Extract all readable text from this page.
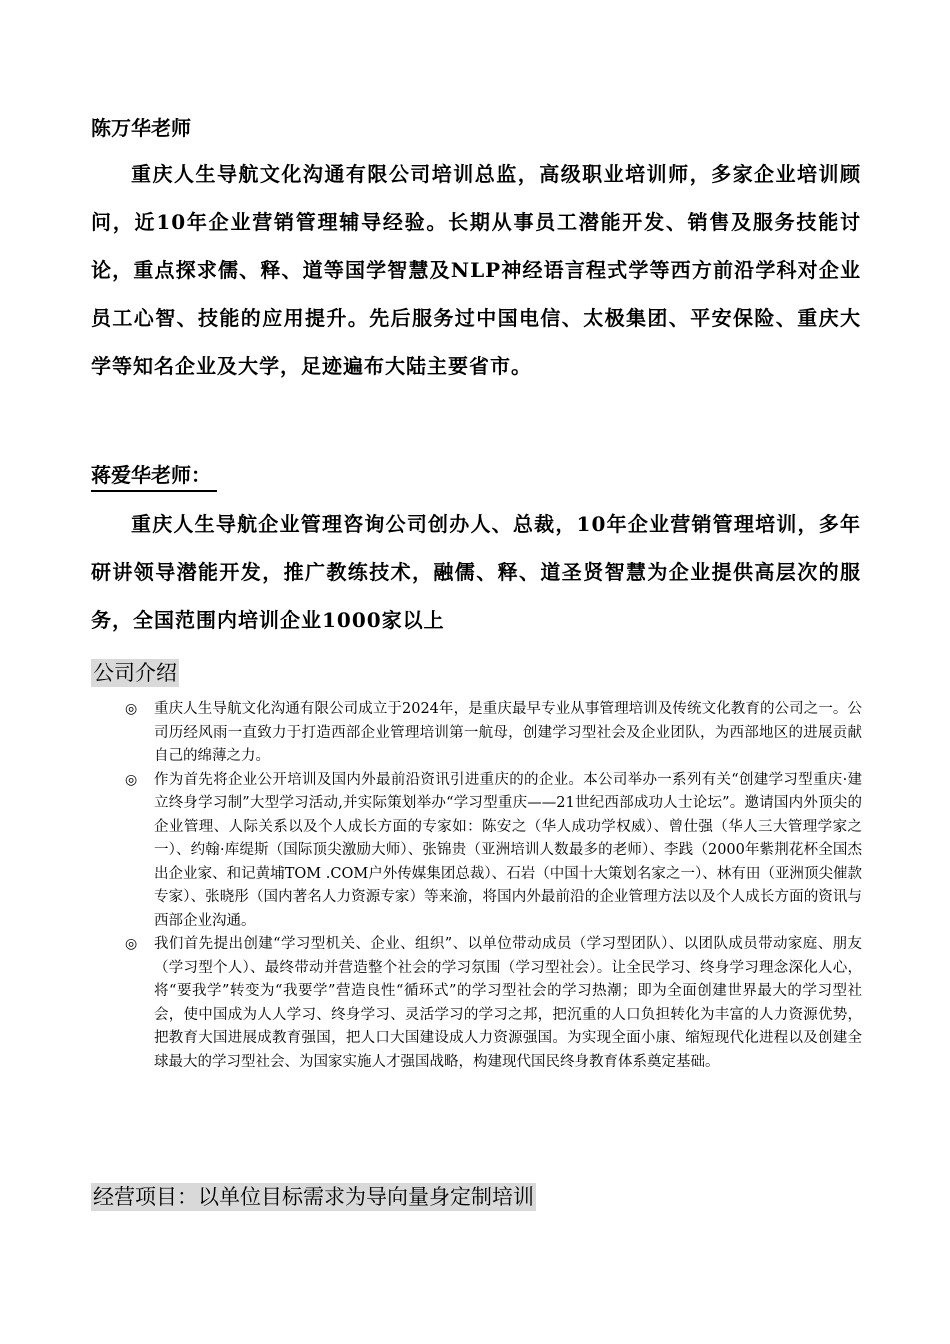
陈万华老师

重庆人生导航文化沟通有限公司培训总监，高级职业培训师，多家企业培训顾问，近10年企业营销管理辅导经验。长期从事员工潜能开发、销售及服务技能讨论，重点探求儒、释、道等国学智慧及NLP神经语言程式学等西方前沿学科对企业员工心智、技能的应用提升。先后服务过中国电信、太极集团、平安保险、重庆大学等知名企业及大学，足迹遍布大陆主要省市。

蒋爱华老师：

重庆人生导航企业管理咨询公司创办人、总裁，10年企业营销管理培训，多年研讲领导潜能开发，推广教练技术，融儒、释、道圣贤智慧为企业提供高层次的服务，全国范围内培训企业1000家以上

公司介绍
◎ 重庆人生导航文化沟通有限公司成立于2024年，是重庆最早专业从事管理培训及传统文化教育的公司之一。公司历经风雨一直致力于打造西部企业管理培训第一航母，创建学习型社会及企业团队，为西部地区的进展贡献自己的绵薄之力。
◎ 作为首先将企业公开培训及国内外最前沿资讯引进重庆的的企业。本公司举办一系列有关“创建学习型重庆·建立终身学习制”大型学习活动,并实际策划举办“学习型重庆——21世纪西部成功人士论坛”。邀请国内外顶尖的企业管理、人际关系以及个人成长方面的专家如：陈安之（华人成功学权威）、曾仕强（华人三大管理学家之一）、约翰·库缇斯（国际顶尖激励大师）、张锦贵（亚洲培训人数最多的老师）、李践（2000年紫荆花杯全国杰出企业家、和记黄埔TOM .COM户外传媒集团总裁）、石岩（中国十大策划名家之一）、林有田（亚洲顶尖催款专家）、张晓彤（国内著名人力资源专家）等来渝，将国内外最前沿的企业管理方法以及个人成长方面的资讯与西部企业沟通。
◎ 我们首先提出创建“学习型机关、企业、组织”、以单位带动成员（学习型团队）、以团队成员带动家庭、朋友（学习型个人）、最终带动并营造整个社会的学习氛围（学习型社会）。让全民学习、终身学习理念深化人心，将“要我学”转变为“我要学”营造良性“循环式”的学习型社会的学习热潮；即为全面创建世界最大的学习型社会，使中国成为人人学习、终身学习、灵活学习的学习之邦，把沉重的人口负担转化为丰富的人力资源优势，把教育大国进展成教育强国，把人口大国建设成人力资源强国。为实现全面小康、缩短现代化进程以及创建全球最大的学习型社会、为国家实施人才强国战略，构建现代国民终身教育体系奠定基础。
经营项目：以单位目标需求为导向量身定制培训
